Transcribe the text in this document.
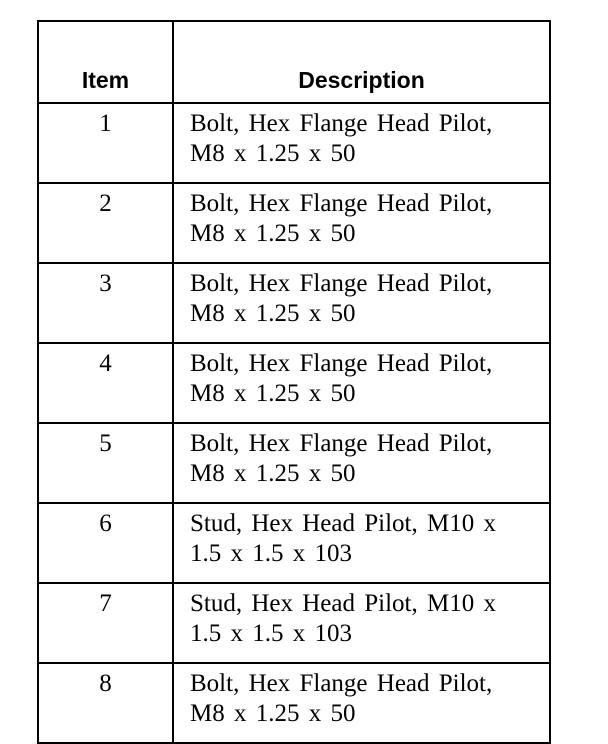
Item	Description
1	Bolt, Hex Flange Head Pilot,
M8 x 1.25 x 50
2	Bolt, Hex Flange Head Pilot,
M8 x 1.25 x 50
3	Bolt, Hex Flange Head Pilot,
M8 x 1.25 x 50
4	Bolt, Hex Flange Head Pilot,
M8 x 1.25 x 50
5	Bolt, Hex Flange Head Pilot,
M8 x 1.25 x 50
6	Stud, Hex Head Pilot, M10 x
1.5 x 1.5 x 103
7	Stud, Hex Head Pilot, M10 x
1.5 x 1.5 x 103
8	Bolt, Hex Flange Head Pilot,
M8 x 1.25 x 50
